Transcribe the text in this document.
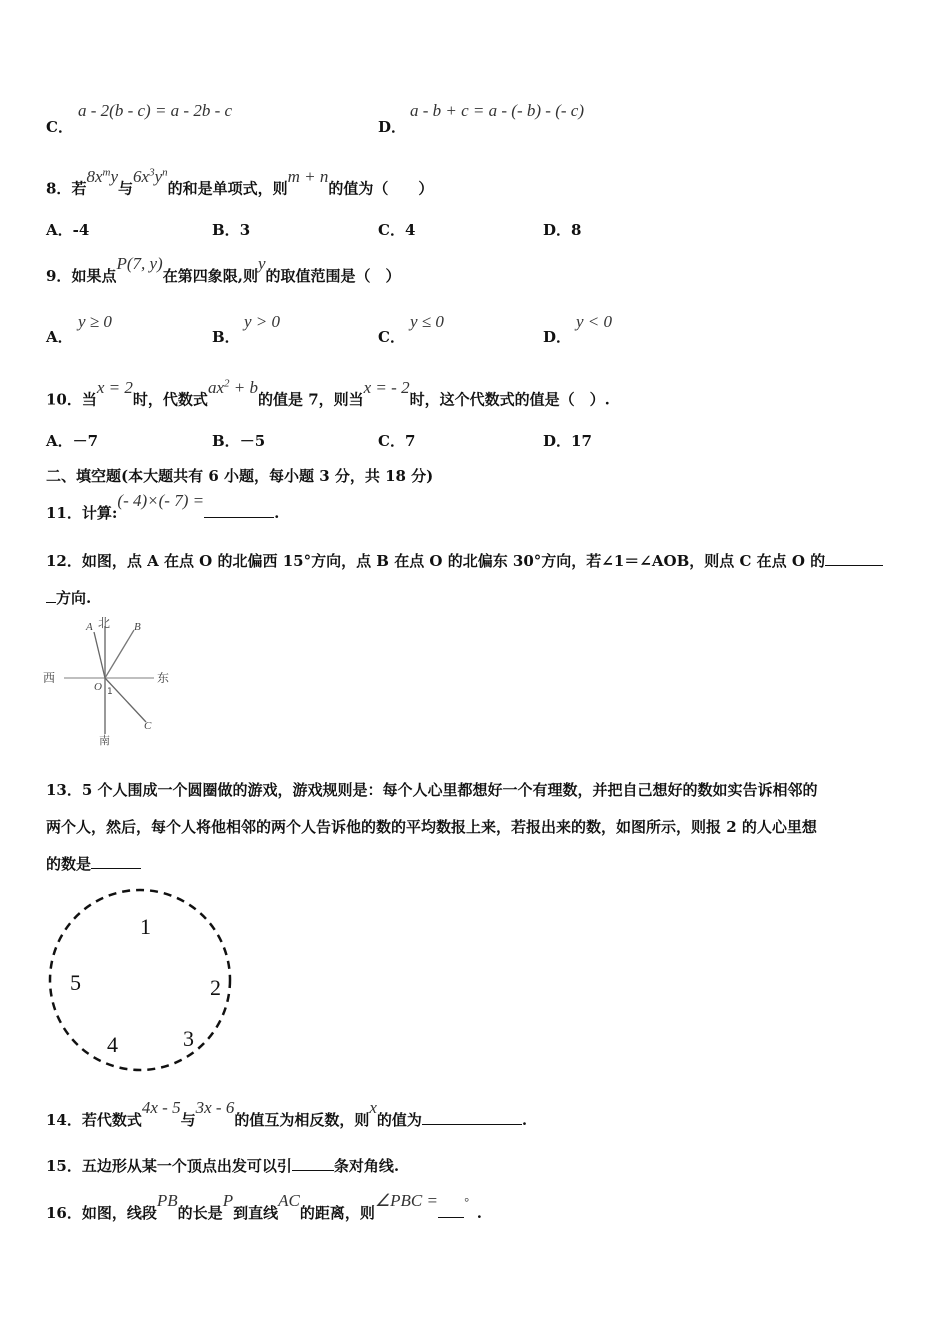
C．
a - 2(b - c) = a - 2b - c
D．
a - b + c = a - (- b) - (- c)
8．若$8x^my$与$6x^3y^n$的和是单项式，则m + n的值为（　　）
A．-4	B．3	C．4	D．8
9．如果点P(7, y)在第四象限,则y的取值范围是（　）
A．
y ≥ 0
B．
y > 0
C．
y ≤ 0
D．
y < 0
10．当x = 2时，代数式$ax^2 + b$的值是 7，则当x = - 2时，这个代数式的值是（　）.
A．－7	B．－5	C．7	D．17
二、填空题(本大题共有 6 小题，每小题 3 分，共 18 分)
11．计算:(- 4)×(- 7) =.
12．如图，点 A 在点 O 的北偏西 15°方向，点 B 在点 O 的北偏东 30°方向，若∠1＝∠AOB，则点 C 在点 O 的
方向.
北
南
西	东
A	B
C
O 1
13．5 个人围成一个圆圈做的游戏，游戏规则是：每个人心里都想好一个有理数，并把自己想好的数如实告诉相邻的
两个人，然后，每个人将他相邻的两个人告诉他的数的平均数报上来，若报出来的数，如图所示，则报 2 的人心里想
的数是
1
2
3
4
5
14．若代数式4x - 5与3x - 6的值互为相反数，则x的值为	.
15．五边形从某一个顶点出发可以引	条对角线.
16．如图，线段PB的长是P到直线AC的距离，则∠PBC = °.
